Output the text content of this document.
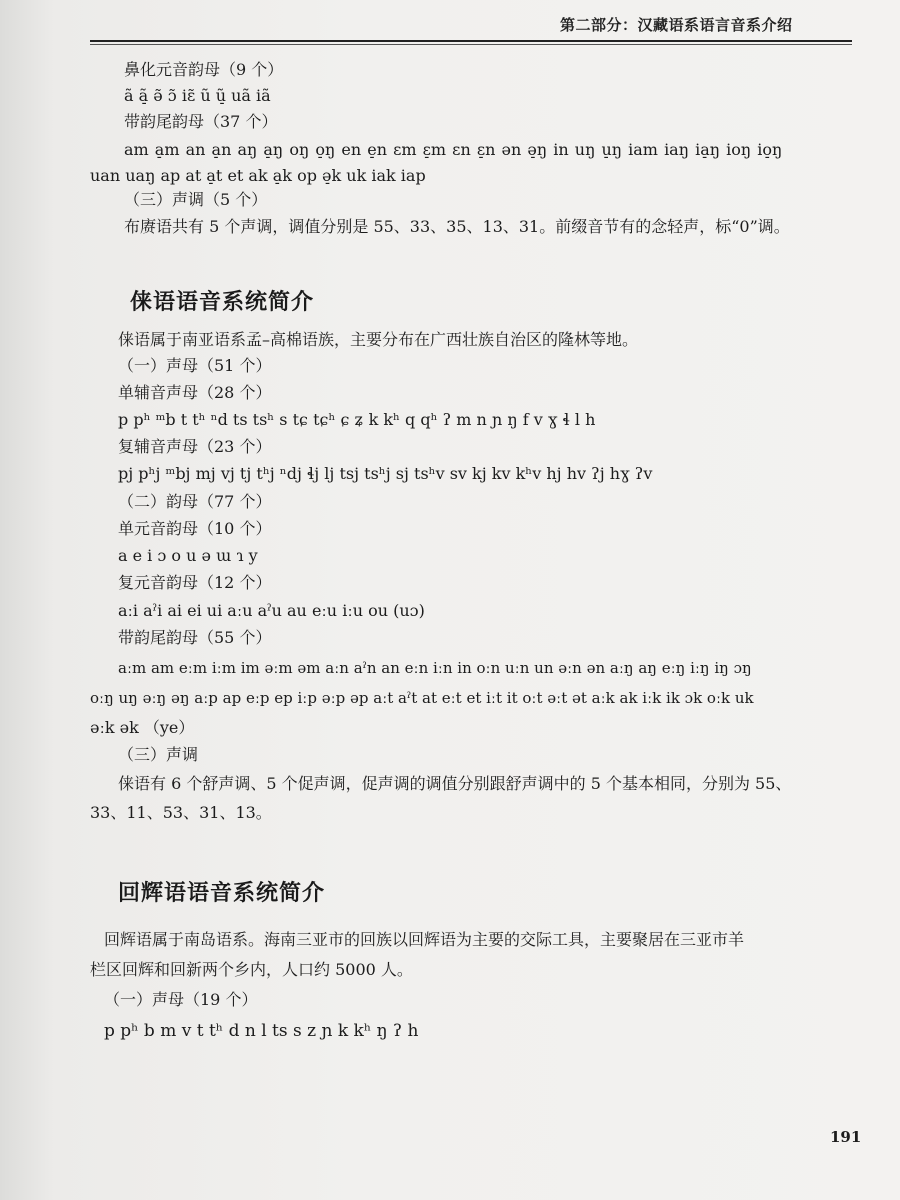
第二部分：汉藏语系语言音系介绍
鼻化元音韵母（9 个）
ã ã̠ ə̃ ɔ̃ iɛ̃ ũ ũ̠ uã iã
带韵尾韵母（37 个）
am a̠m an a̠n aŋ a̠ŋ oŋ o̠ŋ en e̠n ɛm ɛ̠m ɛn ɛ̠n ən ə̠ŋ in uŋ u̠ŋ iam iaŋ ia̠ŋ ioŋ io̠ŋ
uan uaŋ ap at a̠t et ak a̠k op ə̠k uk iak iap
（三）声调（5 个）
布赓语共有 5 个声调，调值分别是 55、33、35、13、31。前缀音节有的念轻声，标“0”调。
俫语语音系统简介
俫语属于南亚语系孟–高棉语族，主要分布在广西壮族自治区的隆林等地。
（一）声母（51 个）
单辅音声母（28 个）
p pʰ ᵐb t tʰ ⁿd ts tsʰ s tɕ tɕʰ ɕ ʑ k kʰ q qʰ ʔ m n ɲ ŋ f v ɣ ɬ l h
复辅音声母（23 个）
pj pʰj ᵐbj mj vj tj tʰj ⁿdj ɬj lj tsj tsʰj sj tsʰv sv kj kv kʰv hj hv ʔj hɣ ʔv
（二）韵母（77 个）
单元音韵母（10 个）
a e i ɔ o u ə ɯ ɿ y
复元音韵母（12 个）
aːi aˀi ai ei ui aːu aˀu au eːu iːu ou (uɔ)
带韵尾韵母（55 个）
aːm am eːm iːm im əːm əm aːn aˀn an eːn iːn in oːn uːn un əːn ən aːŋ aŋ eːŋ iːŋ iŋ ɔŋ
oːŋ uŋ əːŋ əŋ aːp ap eːp ep iːp əːp əp aːt aˀt at eːt et iːt it oːt əːt ət aːk ak iːk ik ɔk oːk uk
əːk ək （ye）
（三）声调
俫语有 6 个舒声调、5 个促声调，促声调的调值分别跟舒声调中的 5 个基本相同，分别为 55、
33、11、53、31、13。
回辉语语音系统简介
回辉语属于南岛语系。海南三亚市的回族以回辉语为主要的交际工具，主要聚居在三亚市羊
栏区回辉和回新两个乡内，人口约 5000 人。
（一）声母（19 个）
p pʰ b m v t tʰ d n l ts s z ɲ k kʰ ŋ ʔ h
191
